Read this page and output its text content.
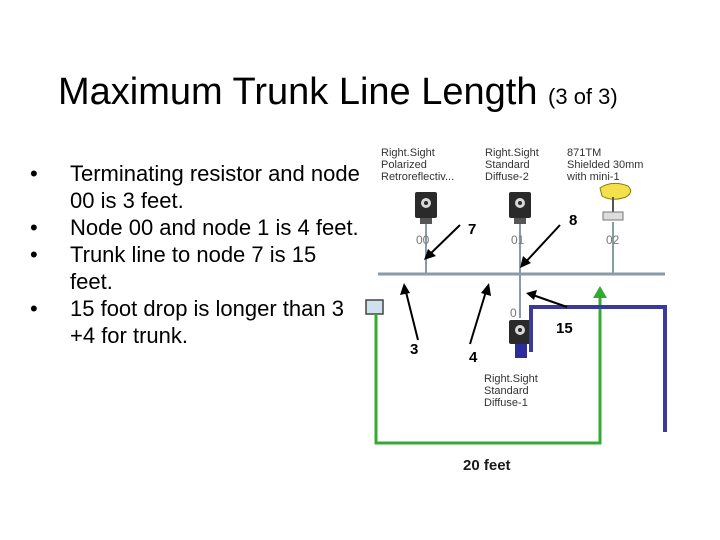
Maximum Trunk Line Length (3 of 3)
• Terminating resistor and node 00 is 3 feet.
• Node 00 and node 1 is 4 feet.
• Trunk line to node 7 is 15 feet.
• 15 foot drop is longer than 3 +4 for trunk.
Right.Sight
Polarized
Retroreflectiv...
Right.Sight
Standard
Diffuse-2
871TM
Shielded 30mm
with mini-1
Right.Sight
Standard
Diffuse-1
00	01	02
0
7
8
3	4
15
20 feet
